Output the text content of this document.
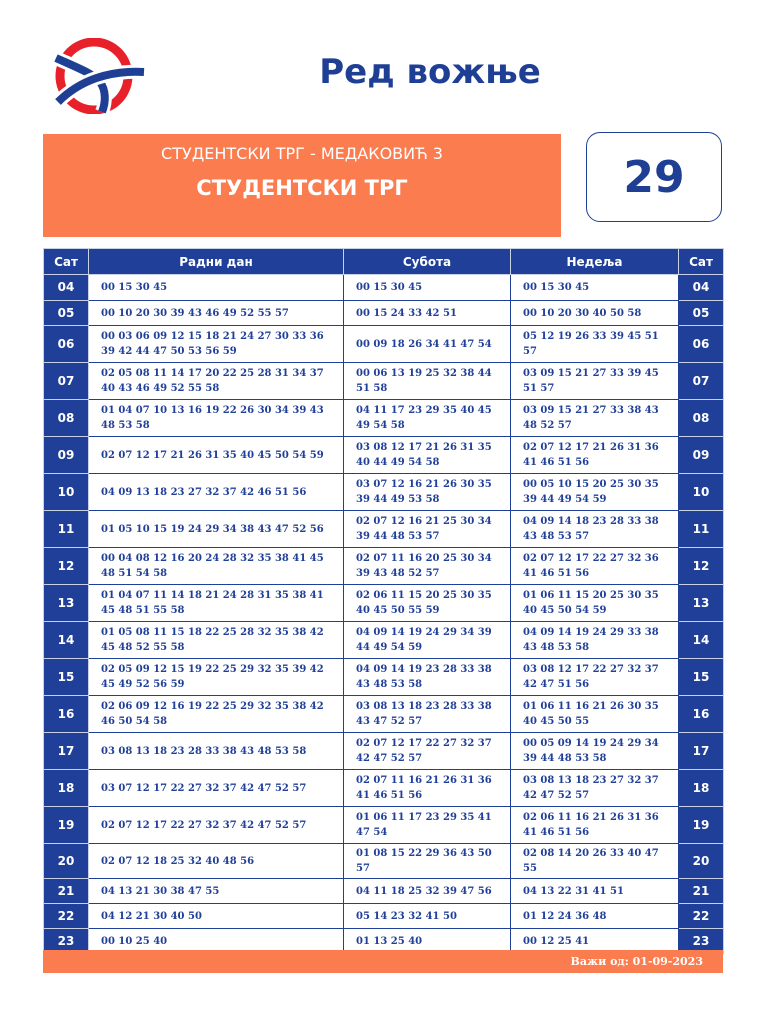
Ред вожње
СТУДЕНТСКИ ТРГ - МЕДАКОВИЋ 3
СТУДЕНТСКИ ТРГ	29
Сат	Радни дан	Субота	Недеља	Сат
04	00 15 30 45	00 15 30 45	00 15 30 45	04
05	00 10 20 30 39 43 46 49 52 55 57	00 15 24 33 42 51	00 10 20 30 40 50 58	05
06	00 03 06 09 12 15 18 21 24 27 30 33 36 39 42 44 47 50 53 56 59	00 09 18 26 34 41 47 54	05 12 19 26 33 39 45 51 57	06
07	02 05 08 11 14 17 20 22 25 28 31 34 37 40 43 46 49 52 55 58	00 06 13 19 25 32 38 44 51 58	03 09 15 21 27 33 39 45 51 57	07
08	01 04 07 10 13 16 19 22 26 30 34 39 43 48 53 58	04 11 17 23 29 35 40 45 49 54 58	03 09 15 21 27 33 38 43 48 52 57	08
09	02 07 12 17 21 26 31 35 40 45 50 54 59	03 08 12 17 21 26 31 35 40 44 49 54 58	02 07 12 17 21 26 31 36 41 46 51 56	09
10	04 09 13 18 23 27 32 37 42 46 51 56	03 07 12 16 21 26 30 35 39 44 49 53 58	00 05 10 15 20 25 30 35 39 44 49 54 59	10
11	01 05 10 15 19 24 29 34 38 43 47 52 56	02 07 12 16 21 25 30 34 39 44 48 53 57	04 09 14 18 23 28 33 38 43 48 53 57	11
12	00 04 08 12 16 20 24 28 32 35 38 41 45 48 51 54 58	02 07 11 16 20 25 30 34 39 43 48 52 57	02 07 12 17 22 27 32 36 41 46 51 56	12
13	01 04 07 11 14 18 21 24 28 31 35 38 41 45 48 51 55 58	02 06 11 15 20 25 30 35 40 45 50 55 59	01 06 11 15 20 25 30 35 40 45 50 54 59	13
14	01 05 08 11 15 18 22 25 28 32 35 38 42 45 48 52 55 58	04 09 14 19 24 29 34 39 44 49 54 59	04 09 14 19 24 29 33 38 43 48 53 58	14
15	02 05 09 12 15 19 22 25 29 32 35 39 42 45 49 52 56 59	04 09 14 19 23 28 33 38 43 48 53 58	03 08 12 17 22 27 32 37 42 47 51 56	15
16	02 06 09 12 16 19 22 25 29 32 35 38 42 46 50 54 58	03 08 13 18 23 28 33 38 43 47 52 57	01 06 11 16 21 26 30 35 40 45 50 55	16
17	03 08 13 18 23 28 33 38 43 48 53 58	02 07 12 17 22 27 32 37 42 47 52 57	00 05 09 14 19 24 29 34 39 44 48 53 58	17
18	03 07 12 17 22 27 32 37 42 47 52 57	02 07 11 16 21 26 31 36 41 46 51 56	03 08 13 18 23 27 32 37 42 47 52 57	18
19	02 07 12 17 22 27 32 37 42 47 52 57	01 06 11 17 23 29 35 41 47 54	02 06 11 16 21 26 31 36 41 46 51 56	19
20	02 07 12 18 25 32 40 48 56	01 08 15 22 29 36 43 50 57	02 08 14 20 26 33 40 47 55	20
21	04 13 21 30 38 47 55	04 11 18 25 32 39 47 56	04 13 22 31 41 51	21
22	04 12 21 30 40 50	05 14 23 32 41 50	01 12 24 36 48	22
23	00 10 25 40	01 13 25 40	00 12 25 41	23
Важи од: 01-09-2023
